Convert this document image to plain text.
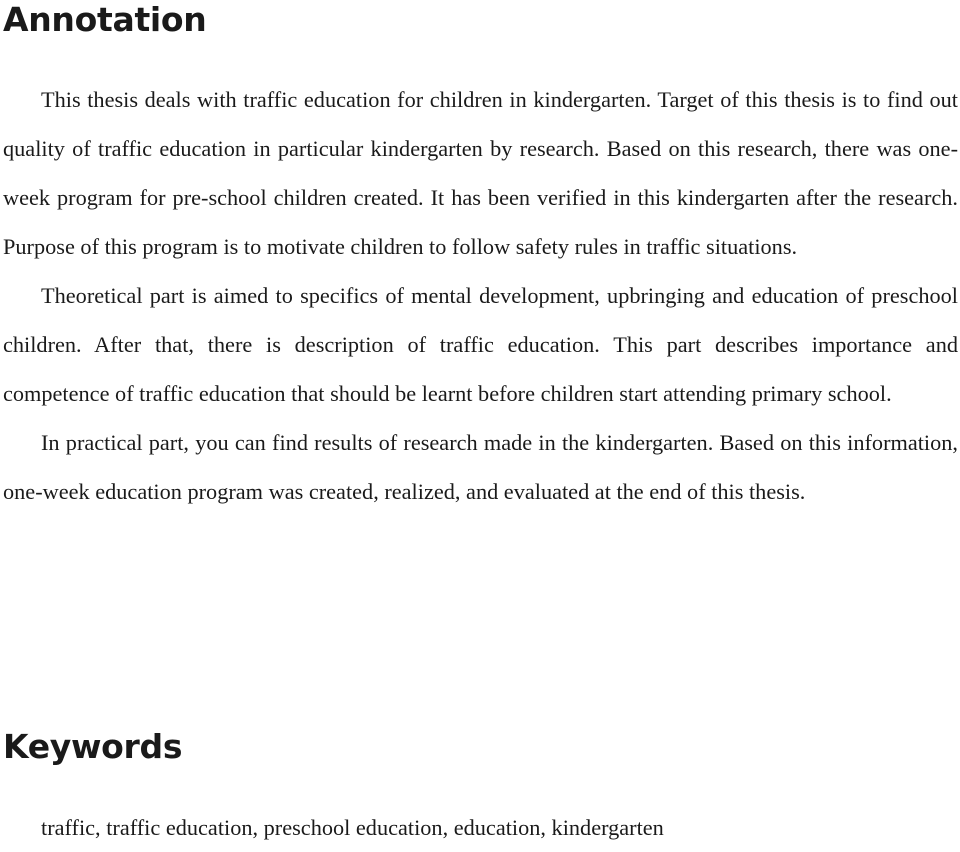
Annotation

This thesis deals with traffic education for children in kindergarten. Target of this thesis is to find out quality of traffic education in particular kindergarten by research. Based on this research, there was one-week program for pre-school children created. It has been verified in this kindergarten after the research. Purpose of this program is to motivate children to follow safety rules in traffic situations.

Theoretical part is aimed to specifics of mental development, upbringing and education of preschool children. After that, there is description of traffic education. This part describes importance and competence of traffic education that should be learnt before children start attending primary school.

In practical part, you can find results of research made in the kindergarten. Based on this information, one-week education program was created, realized, and evaluated at the end of this thesis.

Keywords

traffic, traffic education, preschool education, education, kindergarten
